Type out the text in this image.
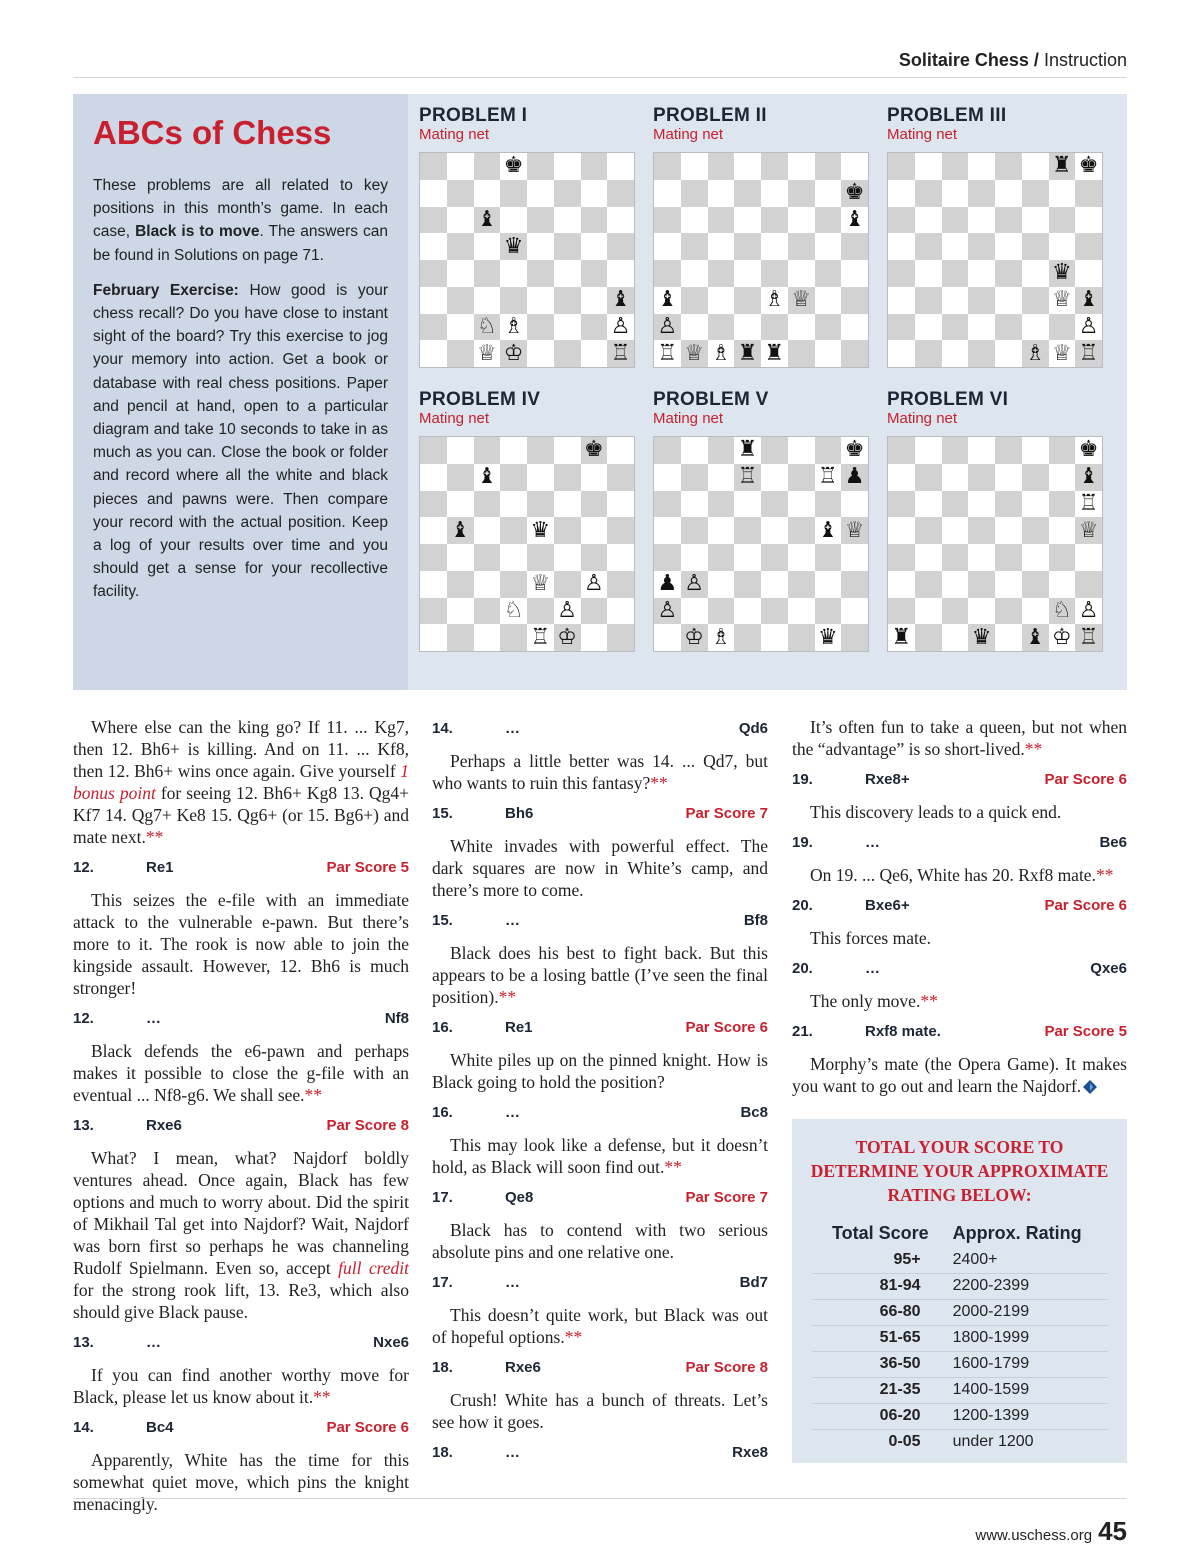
Solitaire Chess / Instruction
ABCs of Chess

These problems are all related to key positions in this month’s game. In each case, Black is to move. The answers can be found in Solutions on page 71.

February Exercise: How good is your chess recall? Do you have close to instant sight of the board? Try this exercise to jog your memory into action. Get a book or database with real chess positions. Paper and pencil at hand, open to a particular diagram and take 10 seconds to take in as much as you can. Close the book or folder and record where all the white and black pieces and pawns were. Then compare your record with the actual position. Keep a log of your results over time and you should get a sense for your recollective facility.

PROBLEM I
Mating net
♚
♝
♛
♝
♘ ♗	♙
♕ ♔	♖
PROBLEM II
Mating net
♚
♝
♝	♗ ♕
♙
♖ ♕ ♗ ♜ ♜
PROBLEM III
Mating net
♜ ♚
♛
♕ ♝
♙
♗ ♕ ♖
PROBLEM IV
Mating net
♚
♝
♝	♛
♕ ♙
♘ ♙
♖ ♔
PROBLEM V
Mating net
♜	♚
♖	♖ ♟
♝ ♕
♟ ♙
♙
♔ ♗	♛
PROBLEM VI
Mating net
♚
♝
♖
♕
♘ ♙
♜	♛ ♝ ♔ ♖

Where else can the king go? If 11. ... Kg7, then 12. Bh6+ is killing. And on 11. ... Kf8, then 12. Bh6+ wins once again. Give yourself 1 bonus point for seeing 12. Bh6+ Kg8 13. Qg4+ Kf7 14. Qg7+ Ke8 15. Qg6+ (or 15. Bg6+) and mate next.**

12.	Re1	Par Score 5

This seizes the e-file with an immediate attack to the vulnerable e-pawn. But there’s more to it. The rook is now able to join the kingside assault. However, 12. Bh6 is much stronger!

12.	…	Nf8

Black defends the e6-pawn and perhaps makes it possible to close the g-file with an eventual ... Nf8-g6. We shall see.**

13.	Rxe6	Par Score 8

What? I mean, what? Najdorf boldly ventures ahead. Once again, Black has few options and much to worry about. Did the spirit of Mikhail Tal get into Najdorf? Wait, Najdorf was born first so perhaps he was channeling Rudolf Spielmann. Even so, accept full credit for the strong rook lift, 13. Re3, which also should give Black pause.

13.	…	Nxe6

If you can find another worthy move for Black, please let us know about it.**

14.	Bc4	Par Score 6

Apparently, White has the time for this somewhat quiet move, which pins the knight menacingly.

14.	…	Qd6

Perhaps a little better was 14. ... Qd7, but who wants to ruin this fantasy?**

15.	Bh6	Par Score 7

White invades with powerful effect. The dark squares are now in White’s camp, and there’s more to come.

15.	…	Bf8

Black does his best to fight back. But this appears to be a losing battle (I’ve seen the final position).**

16.	Re1	Par Score 6

White piles up on the pinned knight. How is Black going to hold the position?

16.	…	Bc8

This may look like a defense, but it doesn’t hold, as Black will soon find out.**

17.	Qe8	Par Score 7

Black has to contend with two serious absolute pins and one relative one.

17.	…	Bd7

This doesn’t quite work, but Black was out of hopeful options.**

18.	Rxe6	Par Score 8

Crush! White has a bunch of threats. Let’s see how it goes.

18.	…	Rxe8

It’s often fun to take a queen, but not when the “advantage” is so short-lived.**

19.	Rxe8+	Par Score 6

This discovery leads to a quick end.

19.	…	Be6

On 19. ... Qe6, White has 20. Rxf8 mate.**

20.	Bxe6+	Par Score 6

This forces mate.

20.	…	Qxe6

The only move.**

21.	Rxf8 mate.	Par Score 5

Morphy’s mate (the Opera Game). It makes you want to go out and learn the Najdorf.

TOTAL YOUR SCORE TO DETERMINE YOUR APPROXIMATE RATING BELOW:
Total Score	Approx. Rating
95+	2400+
81-94	2200-2399
66-80	2000-2199
51-65	1800-1999
36-50	1600-1799
21-35	1400-1599
06-20	1200-1399
0-05	under 1200
www.uschess.org 45
